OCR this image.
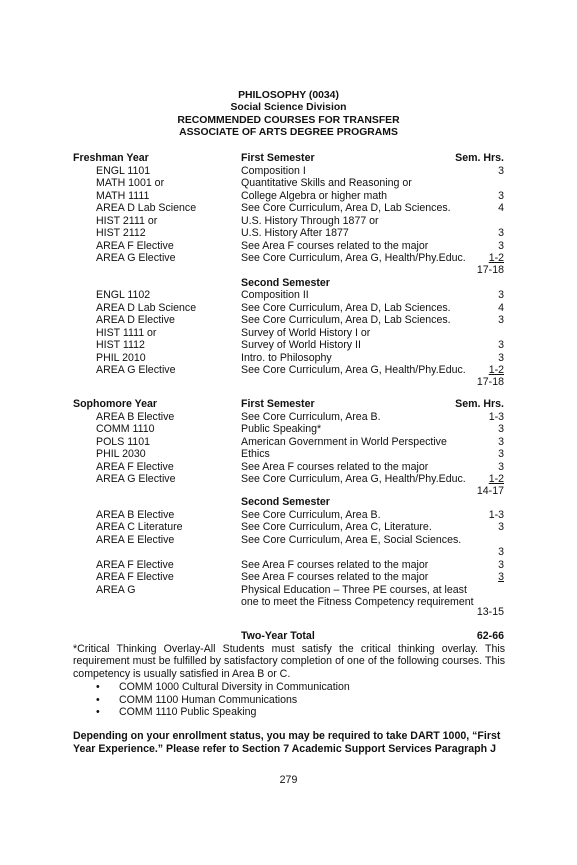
PHILOSOPHY (0034)
Social Science Division
RECOMMENDED COURSES FOR TRANSFER
ASSOCIATE OF ARTS DEGREE PROGRAMS
Freshman Year	First Semester	Sem. Hrs.
ENGL 1101	Composition I	3
MATH 1001 or	Quantitative Skills and Reasoning or
MATH 1111	College Algebra or higher math	3
AREA D Lab Science	See Core Curriculum, Area D, Lab Sciences.	4
HIST 2111 or	U.S. History Through 1877 or
HIST 2112	U.S. History After 1877	3
AREA F Elective	See Area F courses related to the major	3
AREA G Elective	See Core Curriculum, Area G, Health/Phy.Educ. 1-2
17-18
Second Semester
ENGL 1102	Composition II	3
AREA D Lab Science	See Core Curriculum, Area D, Lab Sciences.	4
AREA D Elective	See Core Curriculum, Area D, Lab Sciences.	3
HIST 1111 or	Survey of World History I or
HIST 1112	Survey of World History II	3
PHIL 2010	Intro. to Philosophy	3
AREA G Elective	See Core Curriculum, Area G, Health/Phy.Educ. 1-2
17-18
Sophomore Year	First Semester	Sem. Hrs.
AREA B Elective	See Core Curriculum, Area B.	1-3
COMM 1110	Public Speaking*	3
POLS 1101	American Government in World Perspective	3
PHIL 2030	Ethics	3
AREA F Elective	See Area F courses related to the major	3
AREA G Elective	See Core Curriculum, Area G, Health/Phy.Educ. 1-2
14-17
Second Semester
AREA B Elective	See Core Curriculum, Area B.	1-3
AREA C Literature	See Core Curriculum, Area C, Literature.	3
AREA E Elective	See Core Curriculum, Area E, Social Sciences.
3
AREA F Elective	See Area F courses related to the major	3
AREA F Elective	See Area F courses related to the major	3
AREA G	Physical Education – Three PE courses, at least
one to meet the Fitness Competency requirement
13-15
Two-Year Total	62-66
*Critical Thinking Overlay-All Students must satisfy the critical thinking overlay. This requirement must be fulfilled by satisfactory completion of one of the following courses. This competency is usually satisfied in Area B or C.
•	COMM 1000 Cultural Diversity in Communication
•	COMM 1100 Human Communications
•	COMM 1110 Public Speaking
Depending on your enrollment status, you may be required to take DART 1000, “First Year Experience.” Please refer to Section 7 Academic Support Services Paragraph J
279
